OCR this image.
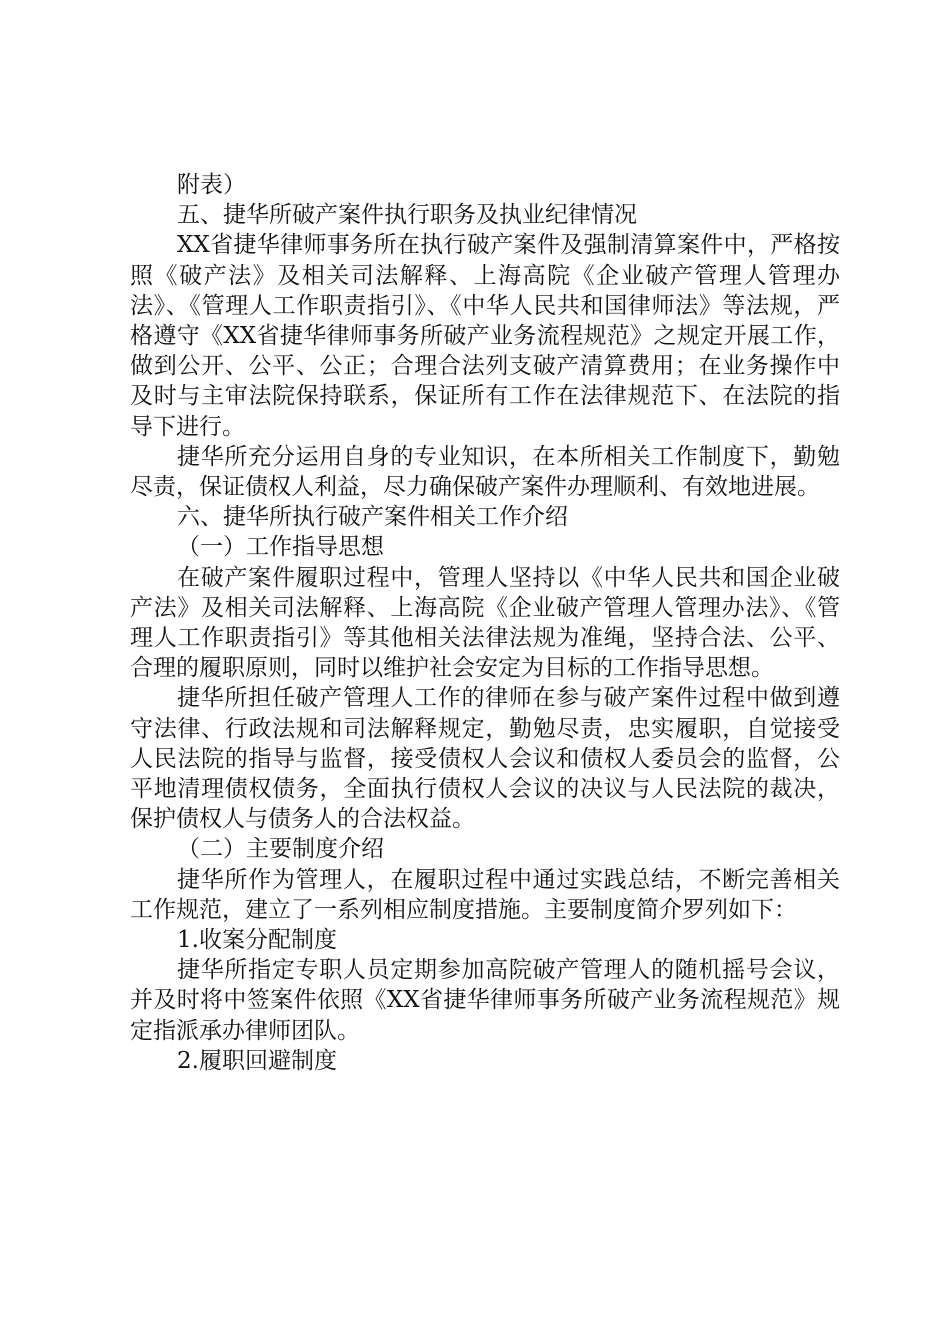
附表）

五、捷华所破产案件执行职务及执业纪律情况

XX省捷华律师事务所在执行破产案件及强制清算案件中，严格按照《破产法》及相关司法解释、上海高院《企业破产管理人管理办法》、《管理人工作职责指引》、《中华人民共和国律师法》等法规，严格遵守《XX省捷华律师事务所破产业务流程规范》之规定开展工作，做到公开、公平、公正；合理合法列支破产清算费用；在业务操作中及时与主审法院保持联系，保证所有工作在法律规范下、在法院的指导下进行。

捷华所充分运用自身的专业知识，在本所相关工作制度下，勤勉尽责，保证债权人利益，尽力确保破产案件办理顺利、有效地进展。

六、捷华所执行破产案件相关工作介绍

（一）工作指导思想

在破产案件履职过程中，管理人坚持以《中华人民共和国企业破产法》及相关司法解释、上海高院《企业破产管理人管理办法》、《管理人工作职责指引》等其他相关法律法规为准绳，坚持合法、公平、合理的履职原则，同时以维护社会安定为目标的工作指导思想。

捷华所担任破产管理人工作的律师在参与破产案件过程中做到遵守法律、行政法规和司法解释规定，勤勉尽责，忠实履职，自觉接受人民法院的指导与监督，接受债权人会议和债权人委员会的监督，公平地清理债权债务，全面执行债权人会议的决议与人民法院的裁决，保护债权人与债务人的合法权益。

（二）主要制度介绍

捷华所作为管理人，在履职过程中通过实践总结，不断完善相关工作规范，建立了一系列相应制度措施。主要制度简介罗列如下：

1.收案分配制度

捷华所指定专职人员定期参加高院破产管理人的随机摇号会议，并及时将中签案件依照《XX省捷华律师事务所破产业务流程规范》规定指派承办律师团队。

2.履职回避制度
